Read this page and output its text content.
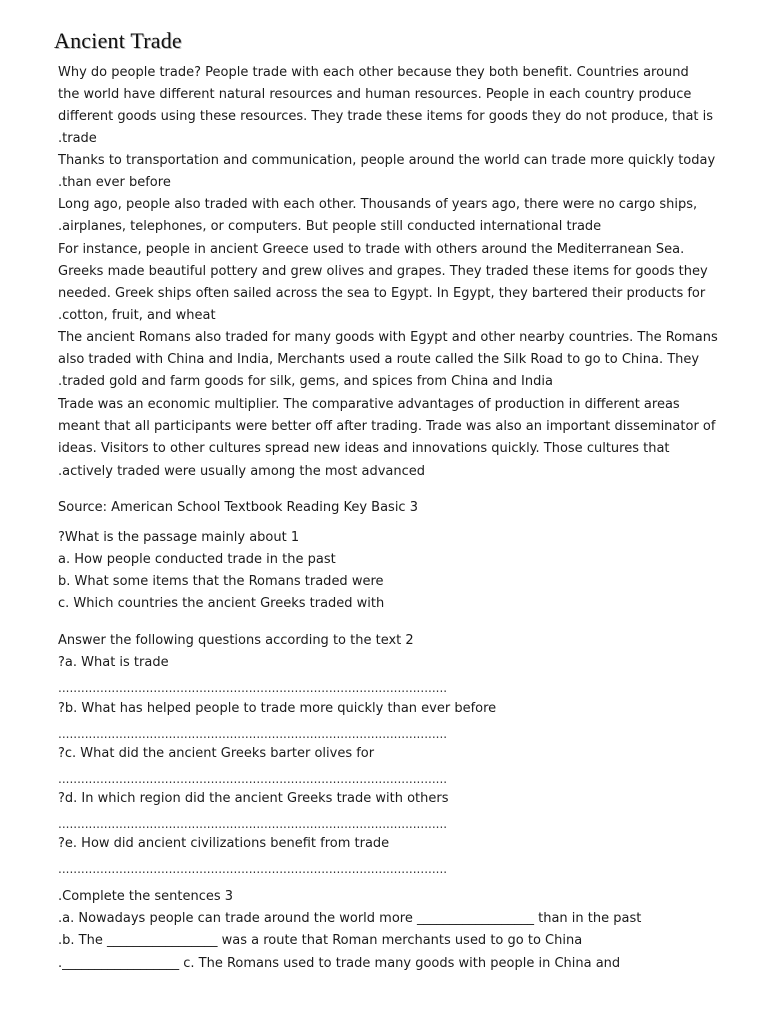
Ancient Trade
Why do people trade? People trade with each other because they both benefit. Countries around
the world have different natural resources and human resources. People in each country produce
different goods using these resources. They trade these items for goods they do not produce, that is
.trade
Thanks to transportation and communication, people around the world can trade more quickly today
.than ever before
Long ago, people also traded with each other. Thousands of years ago, there were no cargo ships,
.airplanes, telephones, or computers. But people still conducted international trade
For instance, people in ancient Greece used to trade with others around the Mediterranean Sea.
Greeks made beautiful pottery and grew olives and grapes. They traded these items for goods they
needed. Greek ships often sailed across the sea to Egypt. In Egypt, they bartered their products for
.cotton, fruit, and wheat
The ancient Romans also traded for many goods with Egypt and other nearby countries. The Romans
also traded with China and India, Merchants used a route called the Silk Road to go to China. They
.traded gold and farm goods for silk, gems, and spices from China and India
Trade was an economic multiplier. The comparative advantages of production in different areas
meant that all participants were better off after trading. Trade was also an important disseminator of
ideas. Visitors to other cultures spread new ideas and innovations quickly. Those cultures that
.actively traded were usually among the most advanced
Source: American School Textbook Reading Key Basic 3
?What is the passage mainly about 1
a. How people conducted trade in the past
b. What some items that the Romans traded were
c. Which countries the ancient Greeks traded with
Answer the following questions according to the text 2
?a. What is trade
......................................................................................................
?b. What has helped people to trade more quickly than ever before
......................................................................................................
?c. What did the ancient Greeks barter olives for
......................................................................................................
?d. In which region did the ancient Greeks trade with others
......................................................................................................
?e. How did ancient civilizations benefit from trade
......................................................................................................
.Complete the sentences 3
.a. Nowadays people can trade around the world more __________________ than in the past
.b. The _________________ was a route that Roman merchants used to go to China
.__________________ c. The Romans used to trade many goods with people in China and
